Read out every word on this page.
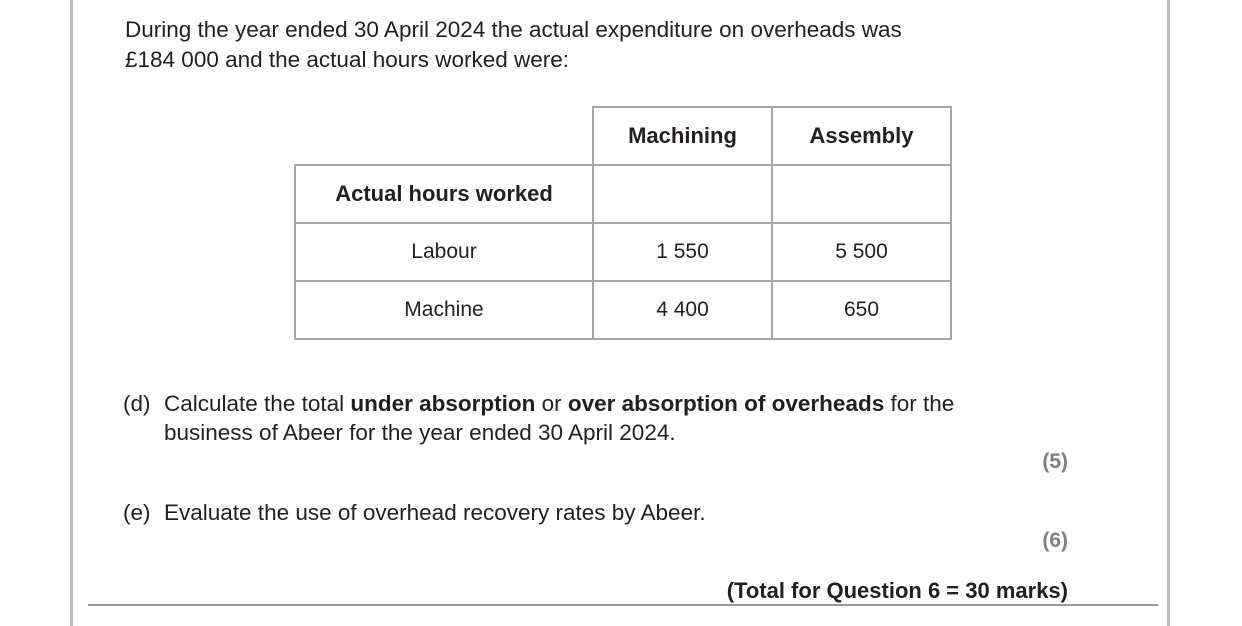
During the year ended 30 April 2024 the actual expenditure on overheads was
£184 000 and the actual hours worked were:
	Machining	Assembly
Actual hours worked		
Labour	1 550	5 500
Machine	4 400	650
(d) Calculate the total under absorption or over absorption of overheads for the
business of Abeer for the year ended 30 April 2024.
(5)
(e) Evaluate the use of overhead recovery rates by Abeer.
(6)
(Total for Question 6 = 30 marks)
